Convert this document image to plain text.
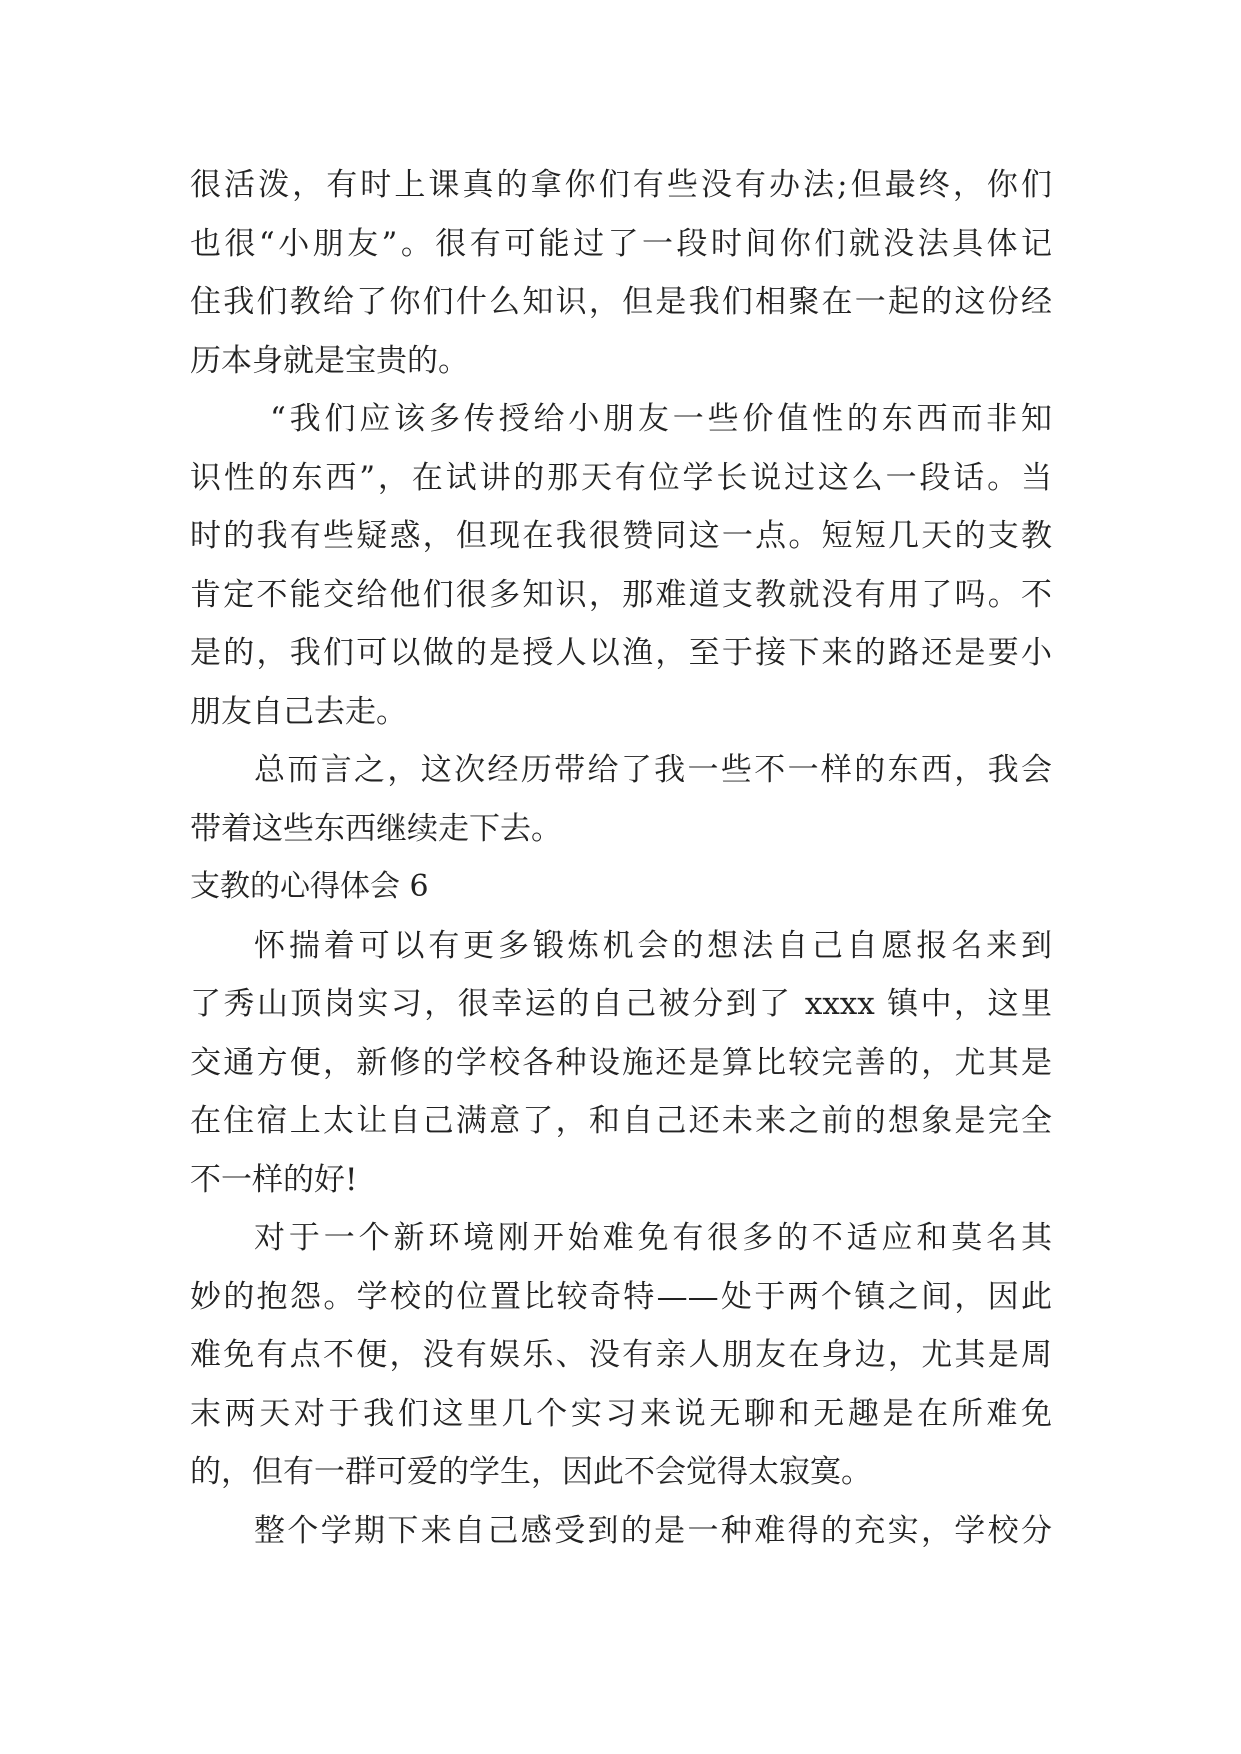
很活泼，有时上课真的拿你们有些没有办法;但最终，你们
也很“小朋友”。很有可能过了一段时间你们就没法具体记
住我们教给了你们什么知识，但是我们相聚在一起的这份经
历本身就是宝贵的。
“我们应该多传授给小朋友一些价值性的东西而非知
识性的东西”，在试讲的那天有位学长说过这么一段话。当
时的我有些疑惑，但现在我很赞同这一点。短短几天的支教
肯定不能交给他们很多知识，那难道支教就没有用了吗。不
是的，我们可以做的是授人以渔，至于接下来的路还是要小
朋友自己去走。
总而言之，这次经历带给了我一些不一样的东西，我会
带着这些东西继续走下去。
支教的心得体会 6
怀揣着可以有更多锻炼机会的想法自己自愿报名来到
了秀山顶岗实习，很幸运的自己被分到了 xxxx 镇中，这里
交通方便，新修的学校各种设施还是算比较完善的，尤其是
在住宿上太让自己满意了，和自己还未来之前的想象是完全
不一样的好!
对于一个新环境刚开始难免有很多的不适应和莫名其
妙的抱怨。学校的位置比较奇特——处于两个镇之间，因此
难免有点不便，没有娱乐、没有亲人朋友在身边，尤其是周
末两天对于我们这里几个实习来说无聊和无趣是在所难免
的，但有一群可爱的学生，因此不会觉得太寂寞。
整个学期下来自己感受到的是一种难得的充实，学校分
